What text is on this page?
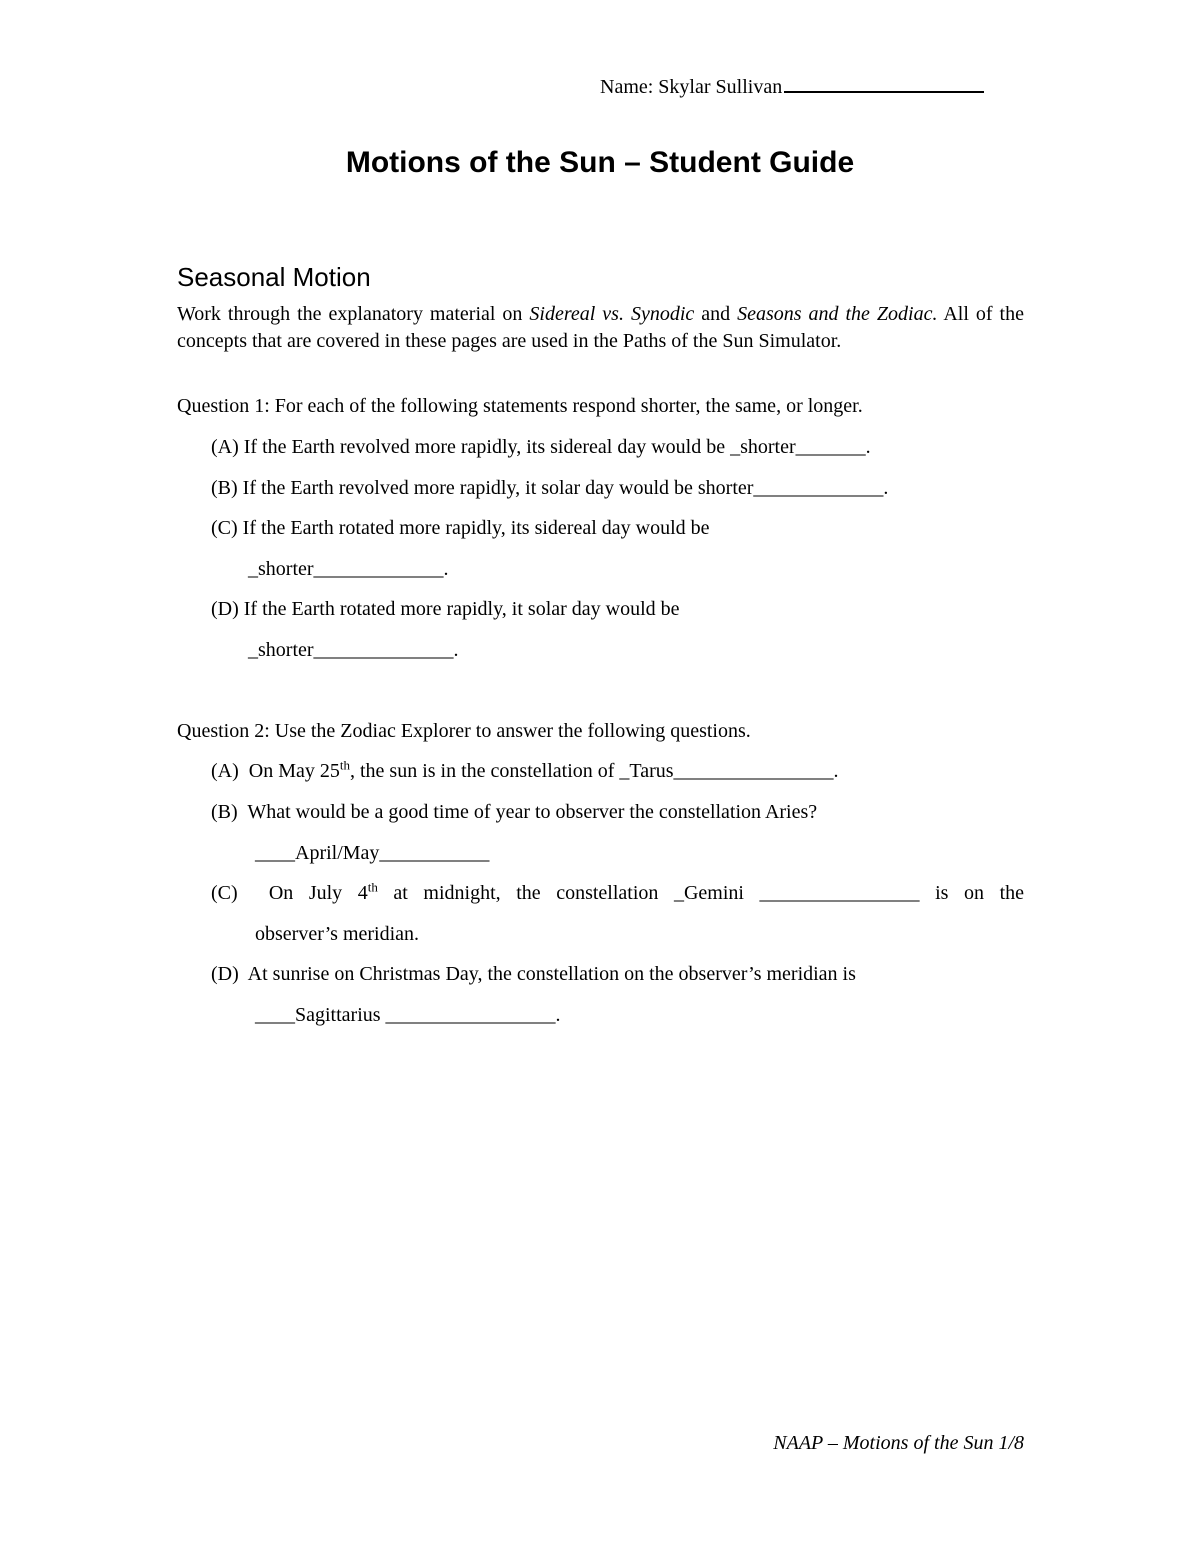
Name: Skylar Sullivan
Motions of the Sun – Student Guide
Seasonal Motion
Work through the explanatory material on Sidereal vs. Synodic and Seasons and the Zodiac. All of the concepts that are covered in these pages are used in the Paths of the Sun Simulator.
Question 1: For each of the following statements respond shorter, the same, or longer.
(A) If the Earth revolved more rapidly, its sidereal day would be _shorter_______.
(B) If the Earth revolved more rapidly, it solar day would be shorter_____________.
(C) If the Earth rotated more rapidly, its sidereal day would be
_shorter_____________.
(D) If the Earth rotated more rapidly, it solar day would be
_shorter______________.
Question 2: Use the Zodiac Explorer to answer the following questions.
(A) On May 25th, the sun is in the constellation of _Tarus________________.
(B) What would be a good time of year to observer the constellation Aries?
____April/May___________
(C) On July 4th at midnight, the constellation _Gemini ________________ is on the
observer’s meridian.
(D) At sunrise on Christmas Day, the constellation on the observer’s meridian is
____Sagittarius _________________.
NAAP – Motions of the Sun 1/8
